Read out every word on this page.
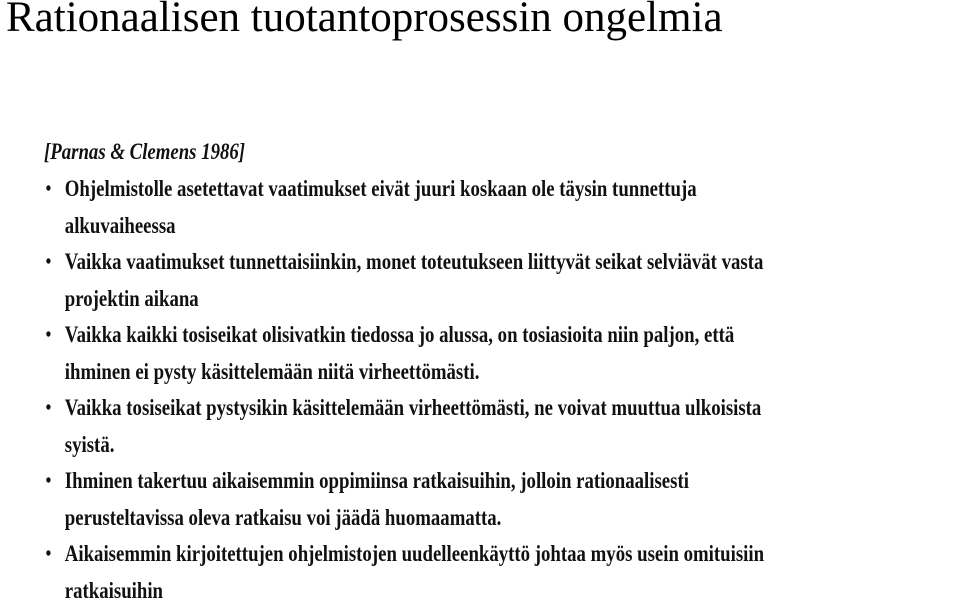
Rationaalisen tuotantoprosessin ongelmia
[Parnas & Clemens 1986]
• Ohjelmistolle asetettavat vaatimukset eivät juuri koskaan ole täysin tunnettuja
alkuvaiheessa
• Vaikka vaatimukset tunnettaisiinkin, monet toteutukseen liittyvät seikat selviävät vasta
projektin aikana
• Vaikka kaikki tosiseikat olisivatkin tiedossa jo alussa, on tosiasioita niin paljon, että
ihminen ei pysty käsittelemään niitä virheettömästi.
• Vaikka tosiseikat pystysikin käsittelemään virheettömästi, ne voivat muuttua ulkoisista
syistä.
• Ihminen takertuu aikaisemmin oppimiinsa ratkaisuihin, jolloin rationaalisesti
perusteltavissa oleva ratkaisu voi jäädä huomaamatta.
• Aikaisemmin kirjoitettujen ohjelmistojen uudelleenkäyttö johtaa myös usein omituisiin
ratkaisuihin
